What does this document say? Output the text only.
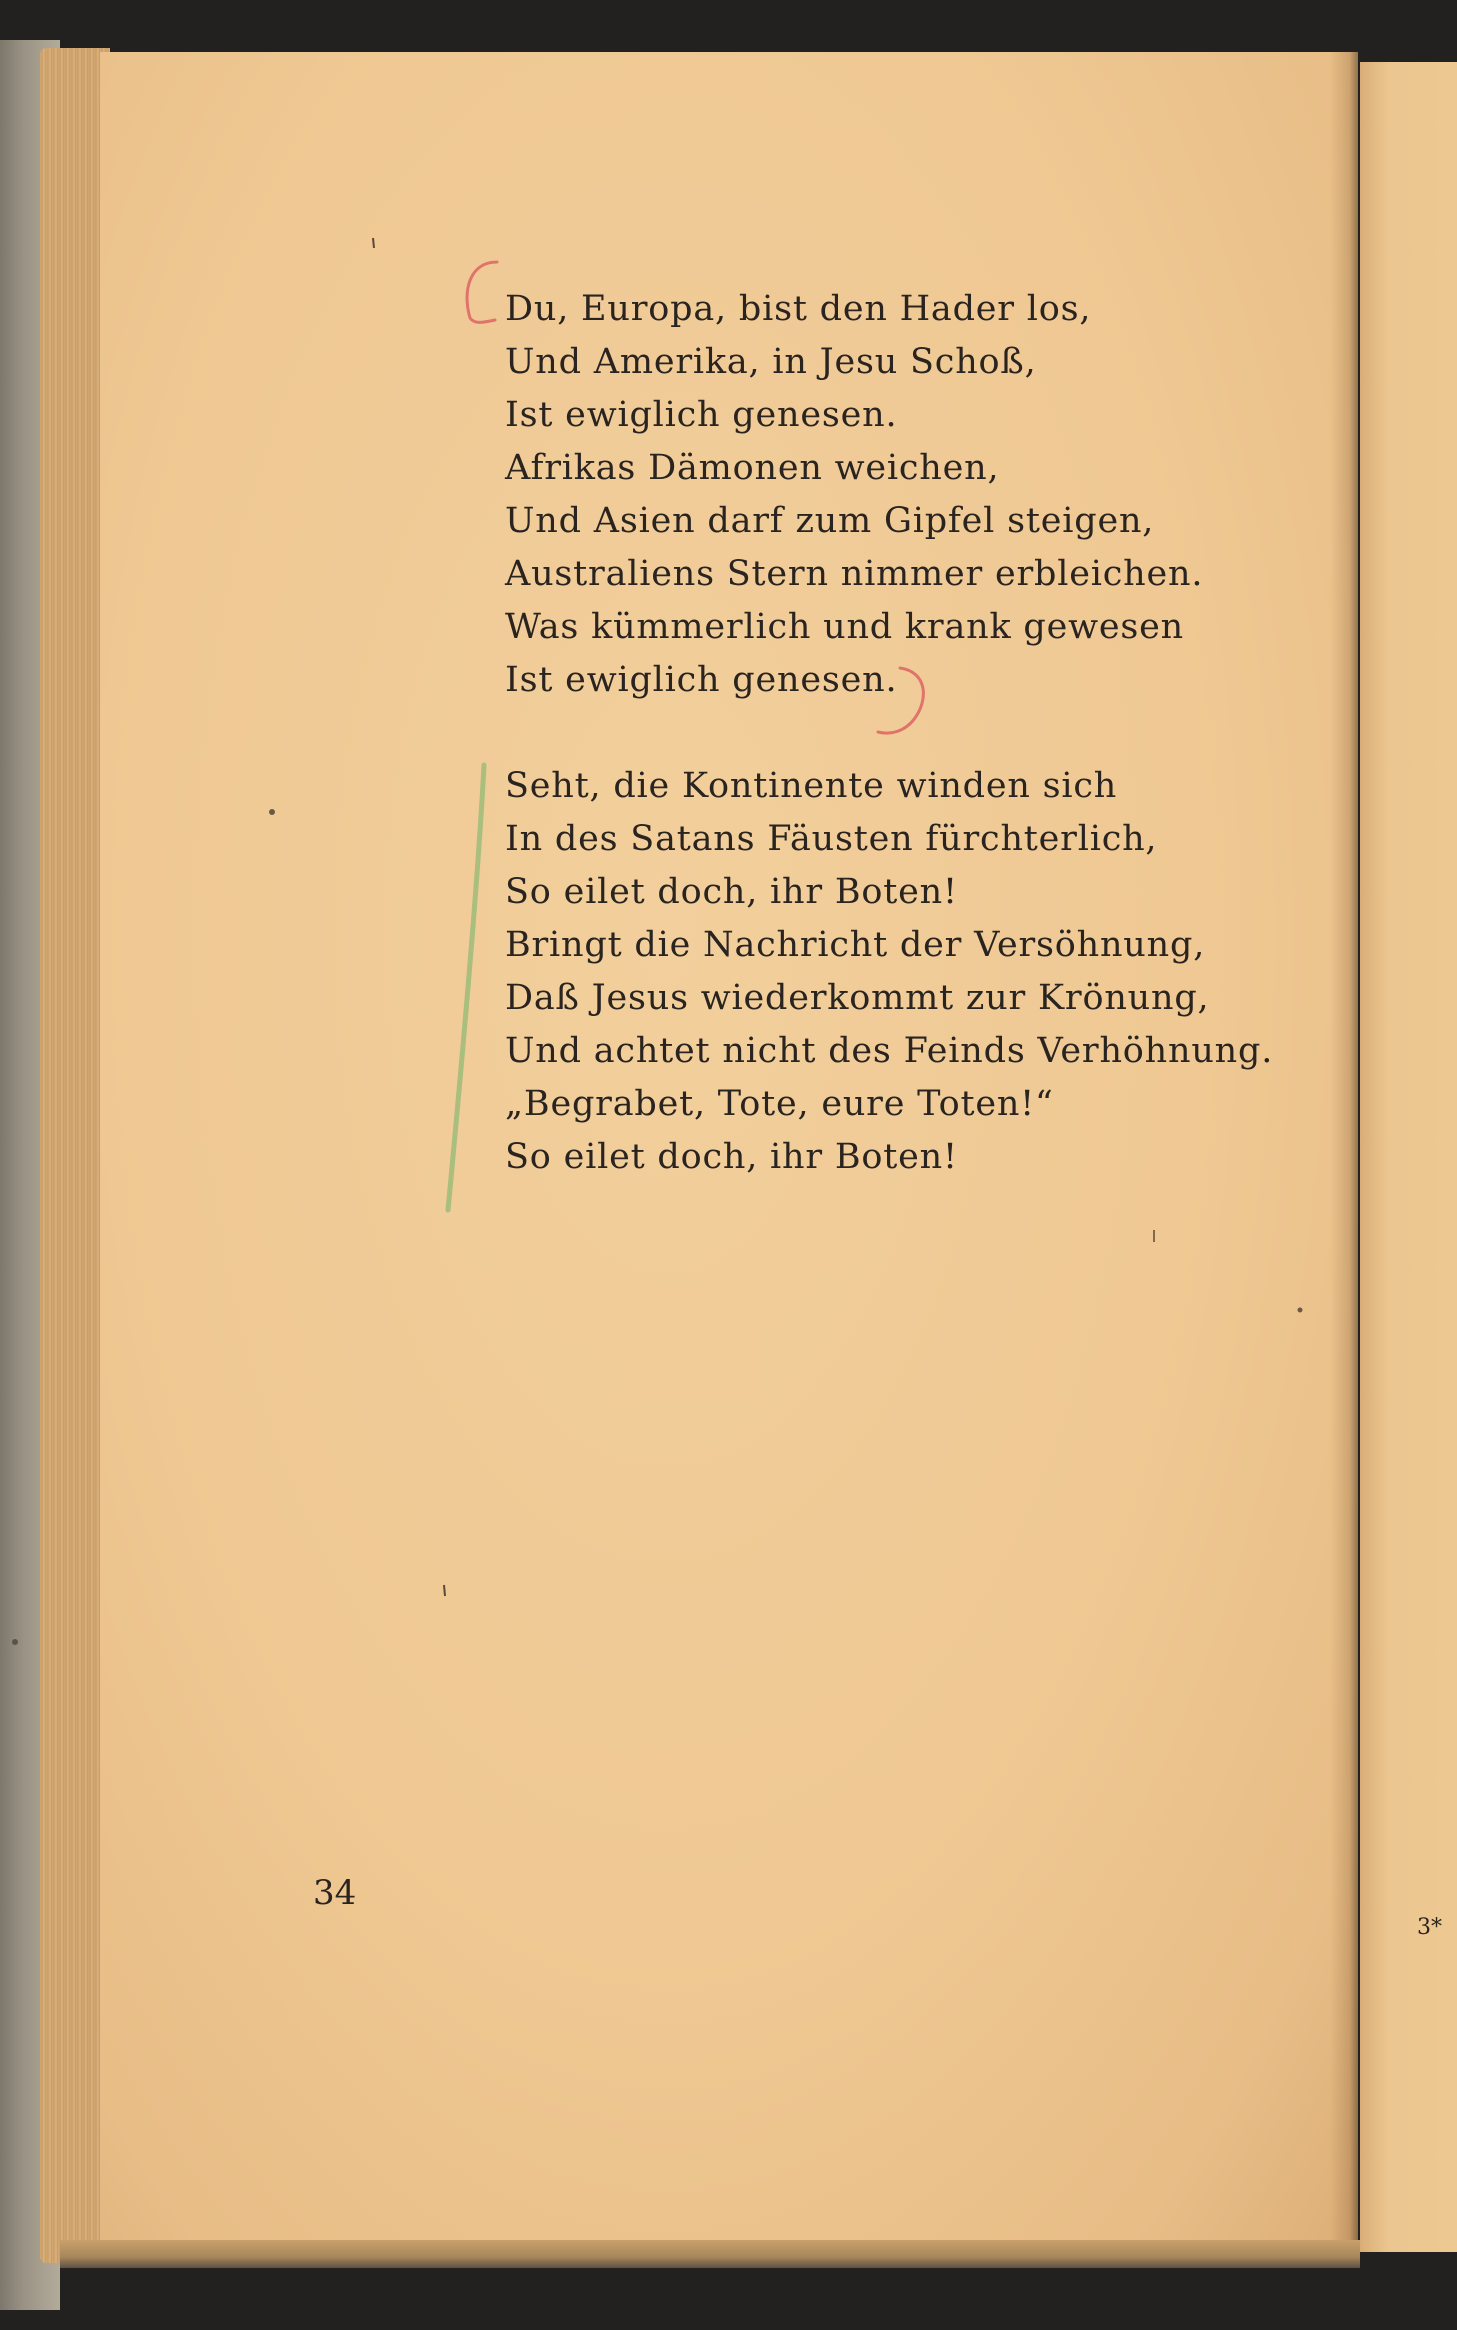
Du, Europa, bist den Hader los,
Und Amerika, in Jesu Schoß,
Ist ewiglich genesen.
Afrikas Dämonen weichen,
Und Asien darf zum Gipfel steigen,
Australiens Stern nimmer erbleichen.
Was kümmerlich und krank gewesen
Ist ewiglich genesen.
Seht, die Kontinente winden sich
In des Satans Fäusten fürchterlich,
So eilet doch, ihr Boten!
Bringt die Nachricht der Versöhnung,
Daß Jesus wiederkommt zur Krönung,
Und achtet nicht des Feinds Verhöhnung.
„Begrabet, Tote, eure Toten!“
So eilet doch, ihr Boten!
34
3*
